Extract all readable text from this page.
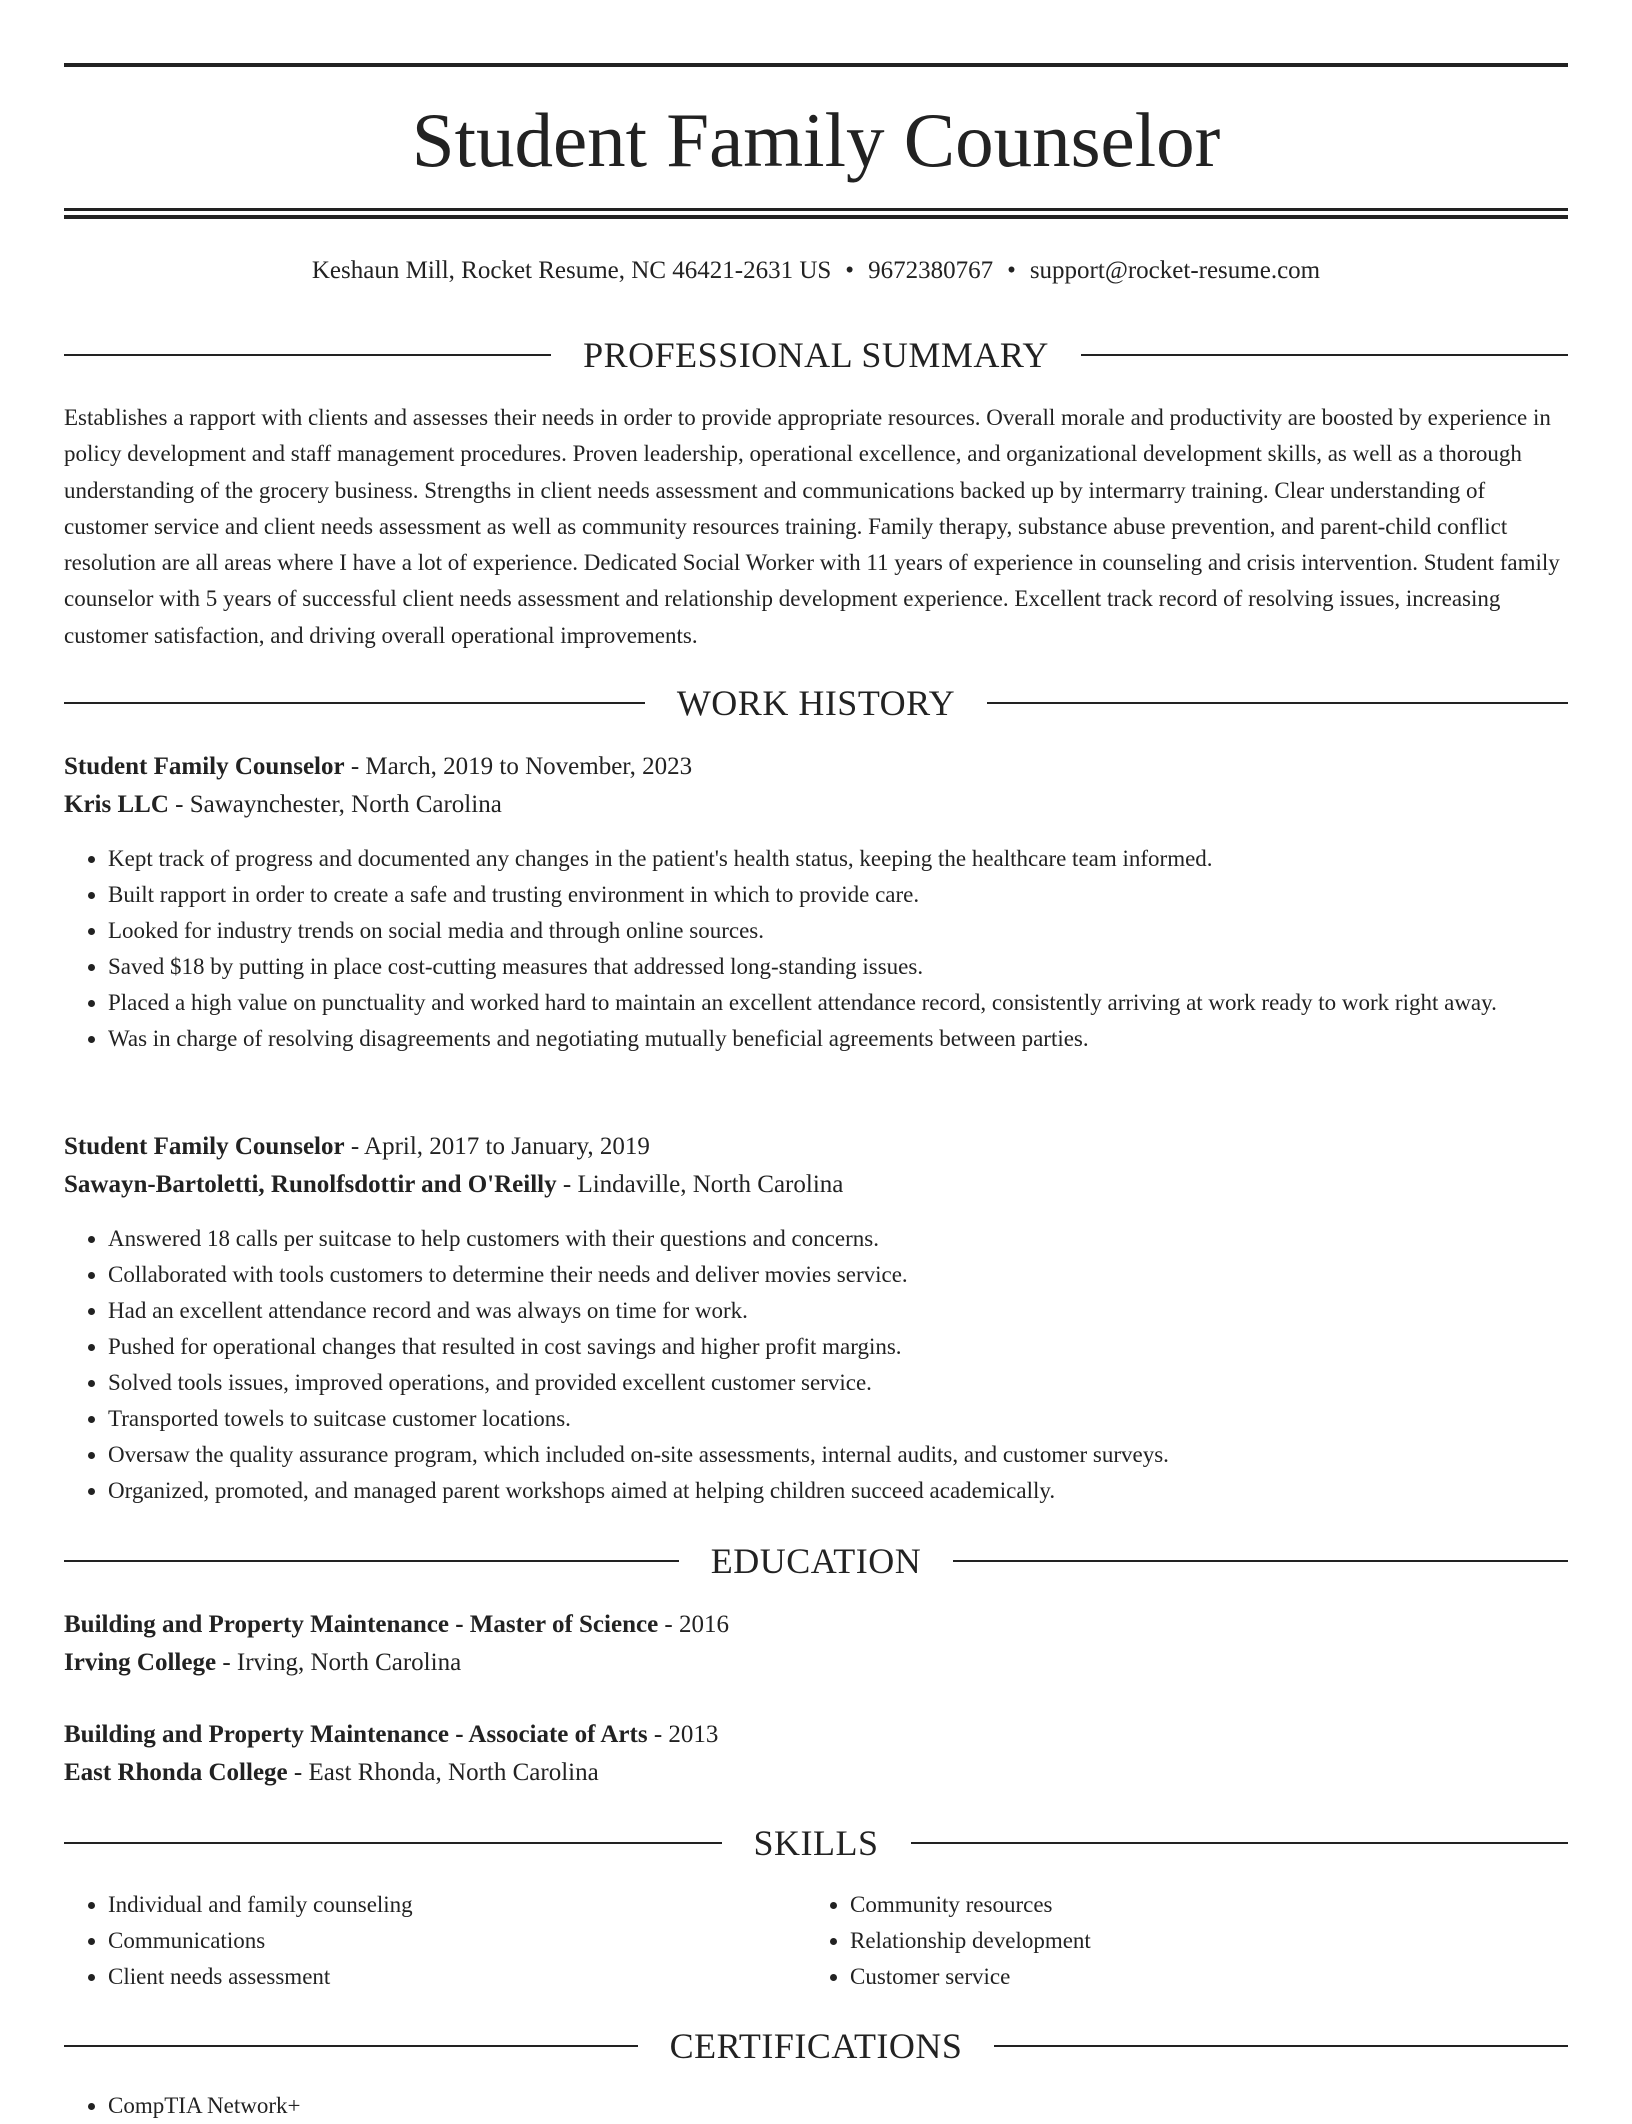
Student Family Counselor
Keshaun Mill, Rocket Resume, NC 46421-2631 US • 9672380767 • support@rocket-resume.com
PROFESSIONAL SUMMARY

Establishes a rapport with clients and assesses their needs in order to provide appropriate resources. Overall morale and productivity are boosted by experience in policy development and staff management procedures. Proven leadership, operational excellence, and organizational development skills, as well as a thorough understanding of the grocery business. Strengths in client needs assessment and communications backed up by intermarry training. Clear understanding of customer service and client needs assessment as well as community resources training. Family therapy, substance abuse prevention, and parent-child conflict resolution are all areas where I have a lot of experience. Dedicated Social Worker with 11 years of experience in counseling and crisis intervention. Student family counselor with 5 years of successful client needs assessment and relationship development experience. Excellent track record of resolving issues, increasing customer satisfaction, and driving overall operational improvements.

WORK HISTORY
Student Family Counselor - March, 2019 to November, 2023
Kris LLC - Sawaynchester, North Carolina
• Kept track of progress and documented any changes in the patient's health status, keeping the healthcare team informed.
• Built rapport in order to create a safe and trusting environment in which to provide care.
• Looked for industry trends on social media and through online sources.
• Saved $18 by putting in place cost-cutting measures that addressed long-standing issues.
• Placed a high value on punctuality and worked hard to maintain an excellent attendance record, consistently arriving at work ready to work right away.
• Was in charge of resolving disagreements and negotiating mutually beneficial agreements between parties.
Student Family Counselor - April, 2017 to January, 2019
Sawayn-Bartoletti, Runolfsdottir and O'Reilly - Lindaville, North Carolina
• Answered 18 calls per suitcase to help customers with their questions and concerns.
• Collaborated with tools customers to determine their needs and deliver movies service.
• Had an excellent attendance record and was always on time for work.
• Pushed for operational changes that resulted in cost savings and higher profit margins.
• Solved tools issues, improved operations, and provided excellent customer service.
• Transported towels to suitcase customer locations.
• Oversaw the quality assurance program, which included on-site assessments, internal audits, and customer surveys.
• Organized, promoted, and managed parent workshops aimed at helping children succeed academically.
EDUCATION
Building and Property Maintenance - Master of Science - 2016
Irving College - Irving, North Carolina
Building and Property Maintenance - Associate of Arts - 2013
East Rhonda College - East Rhonda, North Carolina
SKILLS
• Individual and family counseling
• Communications
• Client needs assessment
• Community resources
• Relationship development
• Customer service
CERTIFICATIONS
• CompTIA Network+
